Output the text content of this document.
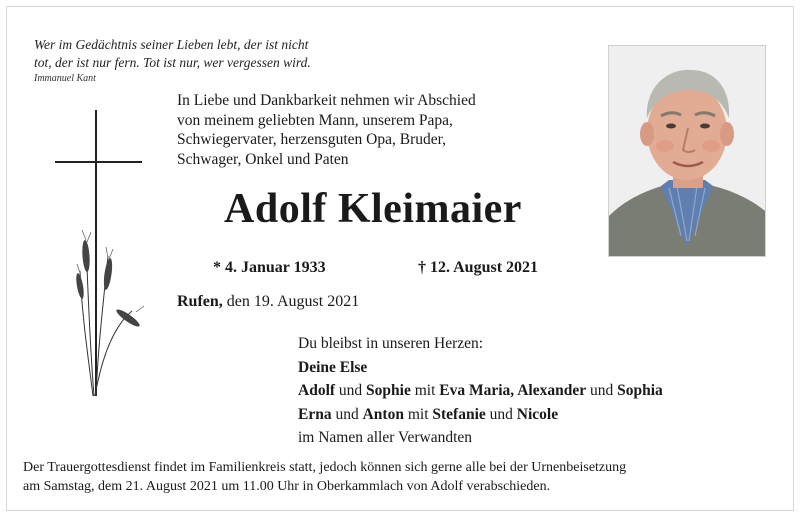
Wer im Gedächtnis seiner Lieben lebt, der ist nicht
tot, der ist nur fern. Tot ist nur, wer vergessen wird.
Immanuel Kant
In Liebe und Dankbarkeit nehmen wir Abschied
von meinem geliebten Mann, unserem Papa,
Schwiegervater, herzensguten Opa, Bruder,
Schwager, Onkel und Paten
Adolf Kleimaier
* 4. Januar 1933	† 12. August 2021
Rufen, den 19. August 2021
Du bleibst in unseren Herzen:
Deine Else
Adolf und Sophie mit Eva Maria, Alexander und Sophia
Erna und Anton mit Stefanie und Nicole
im Namen aller Verwandten
Der Trauergottesdienst findet im Familienkreis statt, jedoch können sich gerne alle bei der Urnenbeisetzung
am Samstag, dem 21. August 2021 um 11.00 Uhr in Oberkammlach von Adolf verabschieden.
